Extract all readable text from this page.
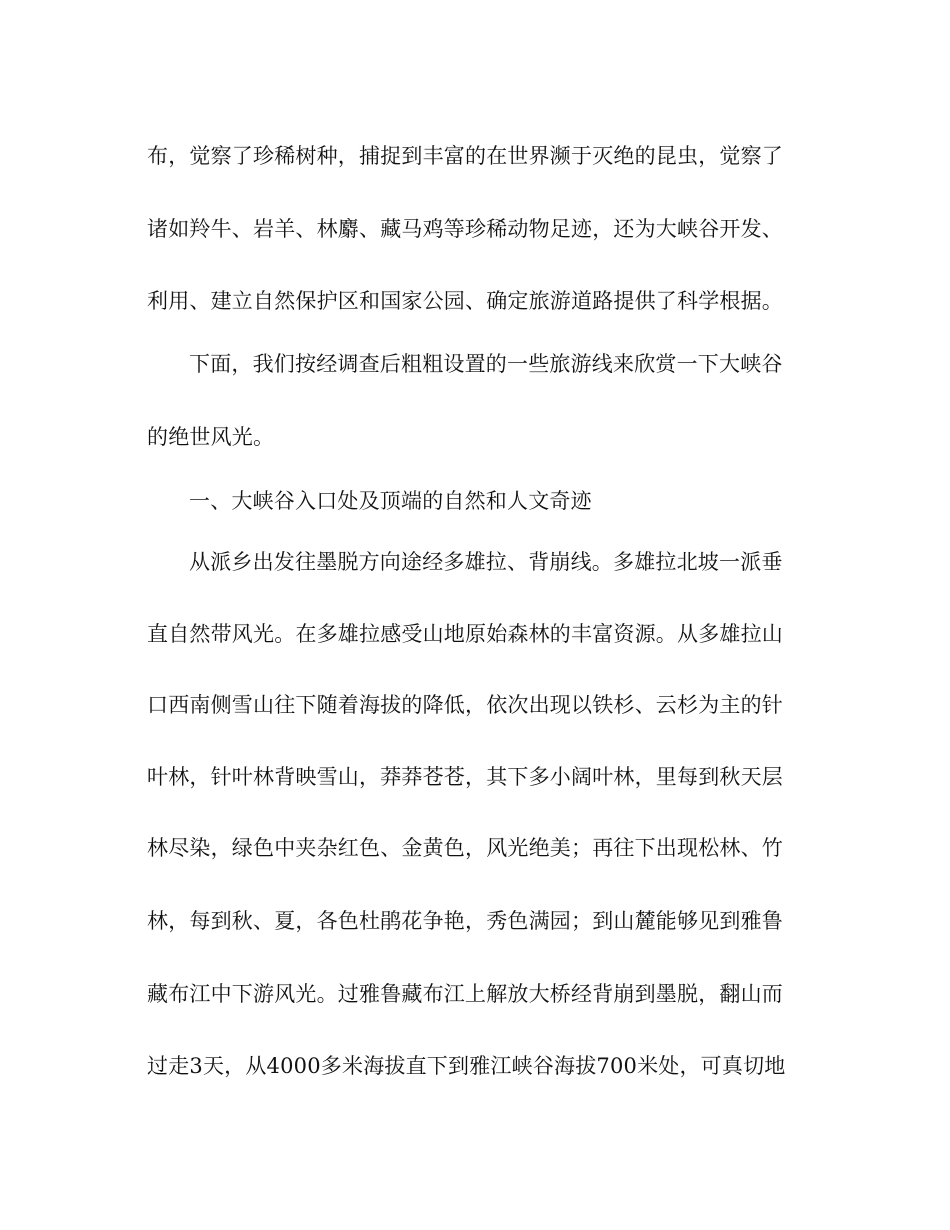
布，觉察了珍稀树种，捕捉到丰富的在世界濒于灭绝的昆虫，觉察了
诸如羚牛、岩羊、林麝、藏马鸡等珍稀动物足迹，还为大峡谷开发、
利用、建立自然保护区和国家公园、确定旅游道路提供了科学根据。
下面，我们按经调查后粗粗设置的一些旅游线来欣赏一下大峡谷
的绝世风光。
一、大峡谷入口处及顶端的自然和人文奇迹
从派乡出发往墨脱方向途经多雄拉、背崩线。多雄拉北坡一派垂
直自然带风光。在多雄拉感受山地原始森林的丰富资源。从多雄拉山
口西南侧雪山往下随着海拔的降低，依次出现以铁杉、云杉为主的针
叶林，针叶林背映雪山，莽莽苍苍，其下多小阔叶林，里每到秋天层
林尽染，绿色中夹杂红色、金黄色，风光绝美；再往下出现松林、竹
林，每到秋、夏，各色杜鹃花争艳，秀色满园；到山麓能够见到雅鲁
藏布江中下游风光。过雅鲁藏布江上解放大桥经背崩到墨脱，翻山而
过走3天，从4000多米海拔直下到雅江峡谷海拔700米处，可真切地
